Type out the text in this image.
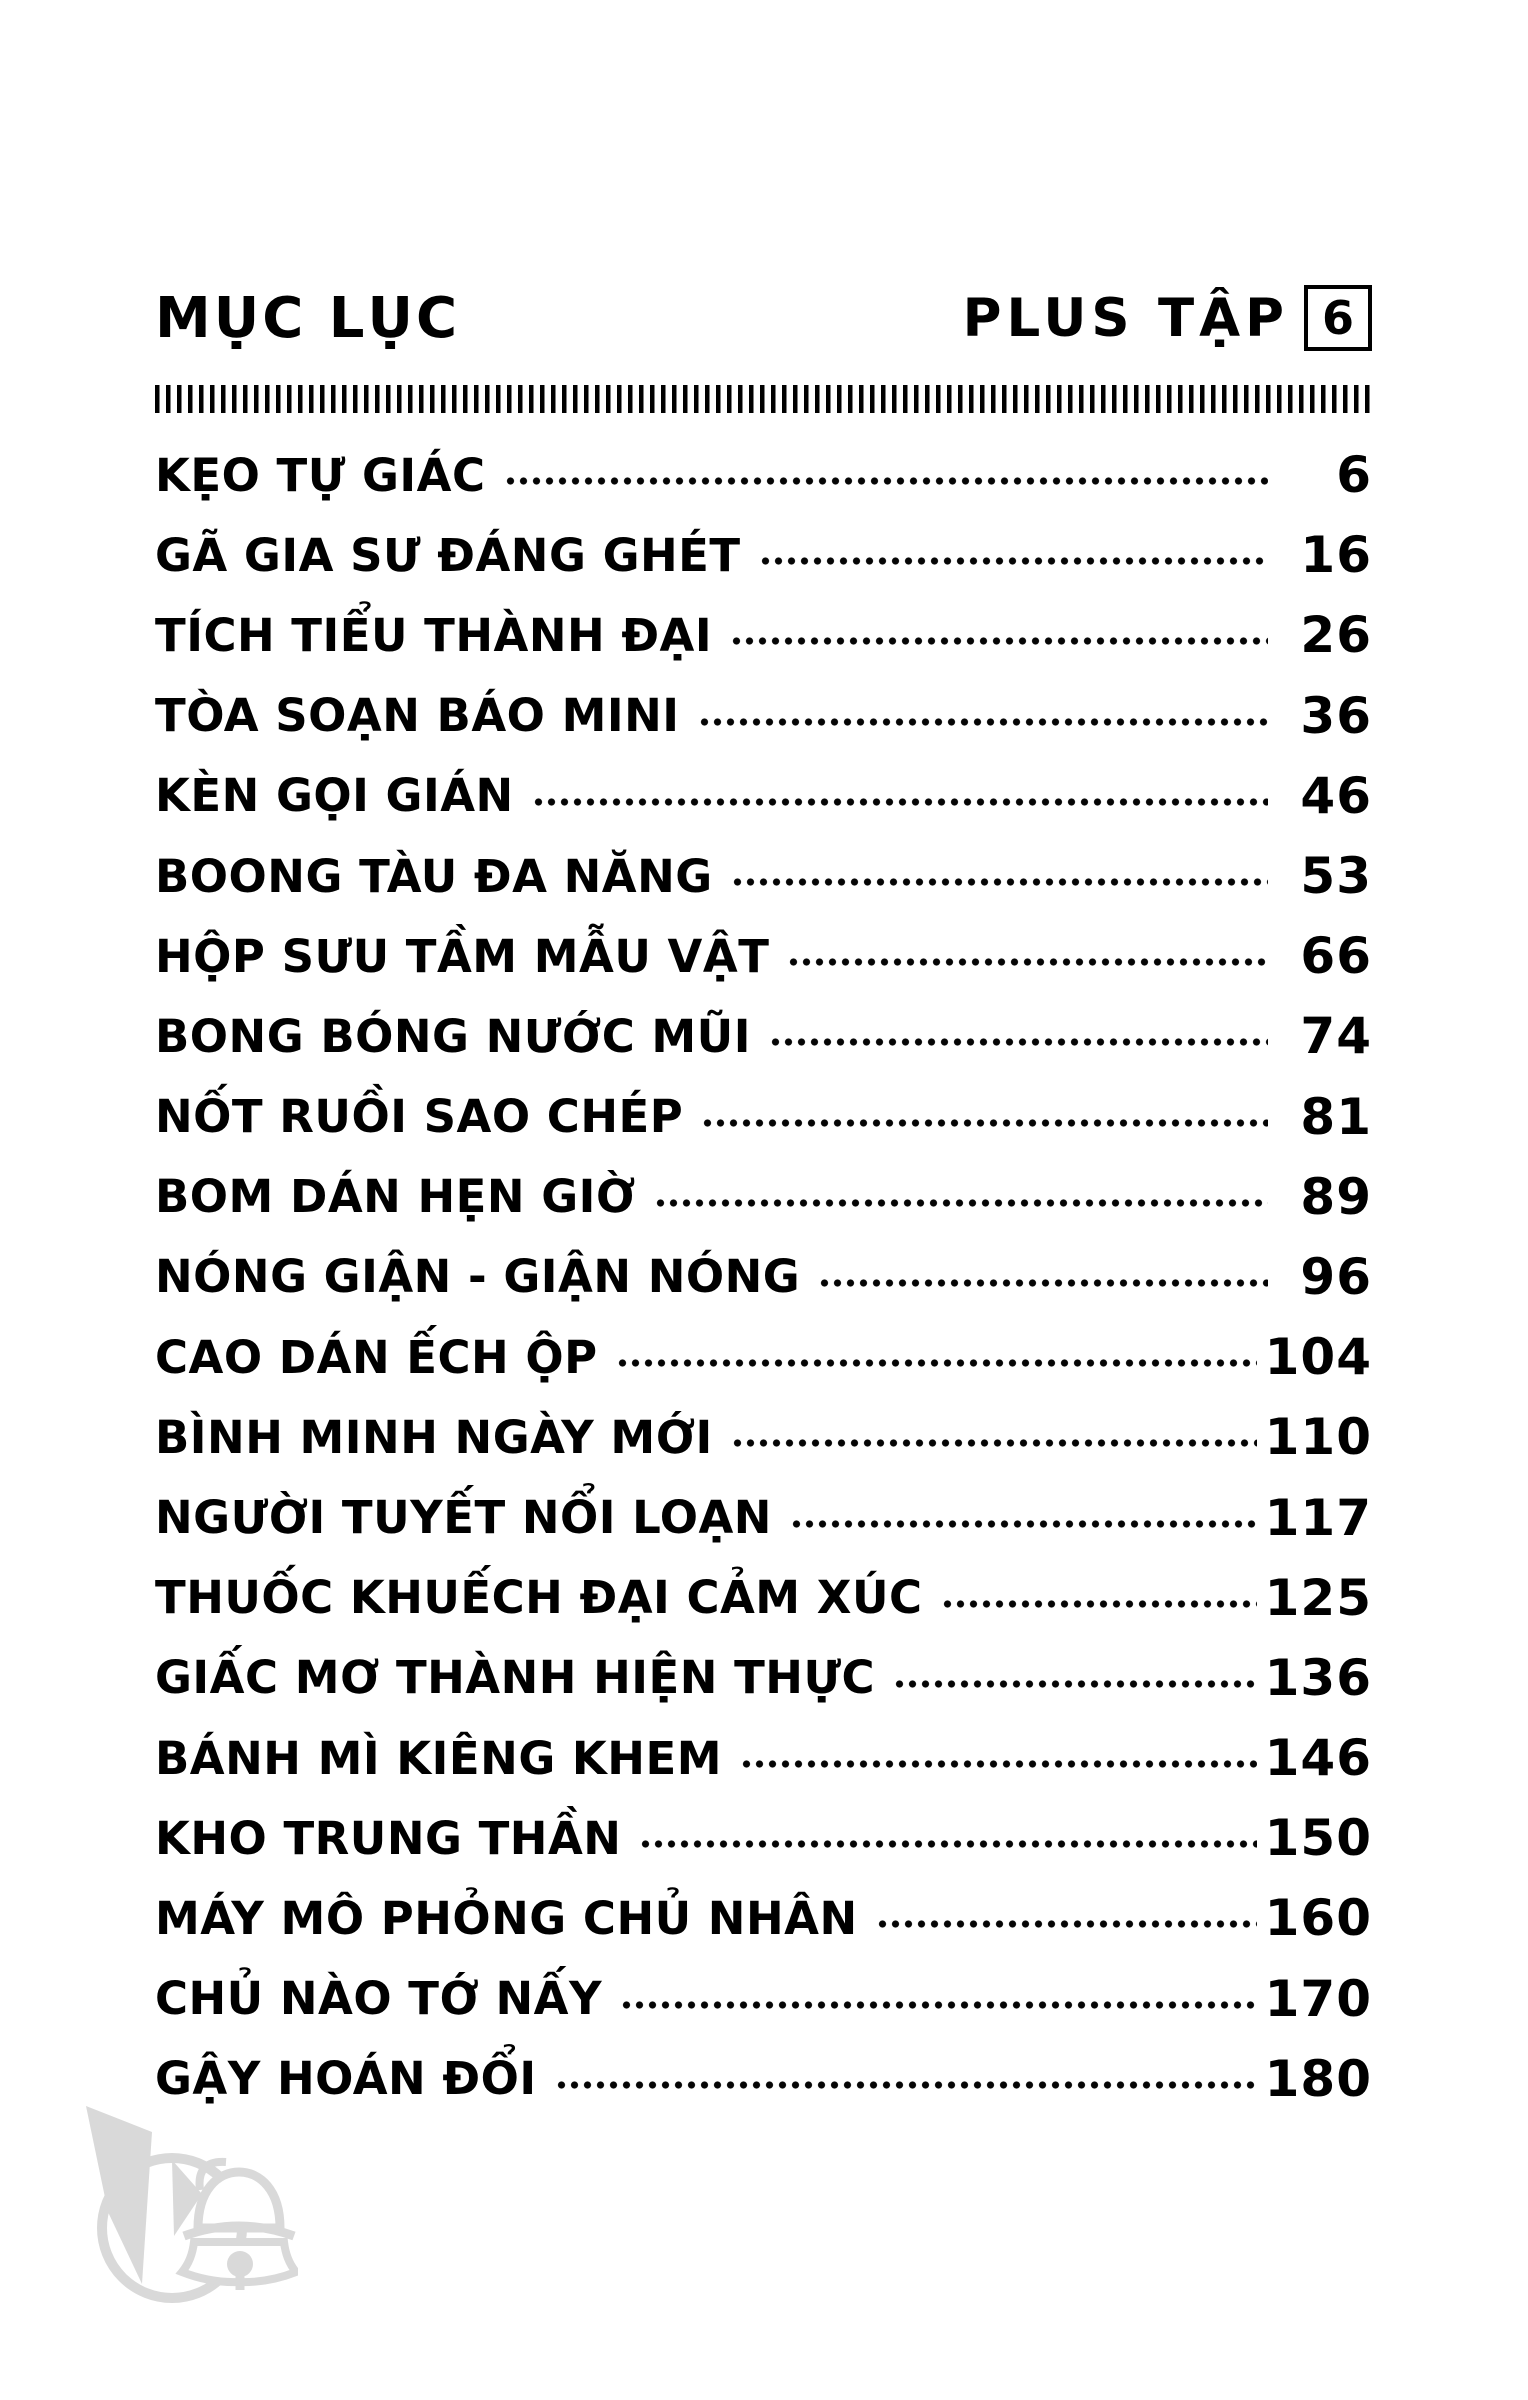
MỤC LỤC	PLUS TẬP 6
KẸO TỰ GIÁC	6
GÃ GIA SƯ ĐÁNG GHÉT	16
TÍCH TIỂU THÀNH ĐẠI	26
TÒA SOẠN BÁO MINI	36
KÈN GỌI GIÁN	46
BOONG TÀU ĐA NĂNG	53
HỘP SƯU TẦM MẪU VẬT	66
BONG BÓNG NƯỚC MŨI	74
NỐT RUỒI SAO CHÉP	81
BOM DÁN HẸN GIỜ	89
NÓNG GIẬN - GIẬN NÓNG	96
CAO DÁN ẾCH ỘP	104
BÌNH MINH NGÀY MỚI	110
NGƯỜI TUYẾT NỔI LOẠN	117
THUỐC KHUẾCH ĐẠI CẢM XÚC	125
GIẤC MƠ THÀNH HIỆN THỰC	136
BÁNH MÌ KIÊNG KHEM	146
KHO TRUNG THẦN	150
MÁY MÔ PHỎNG CHỦ NHÂN	160
CHỦ NÀO TỚ NẤY	170
GẬY HOÁN ĐỔI	180
